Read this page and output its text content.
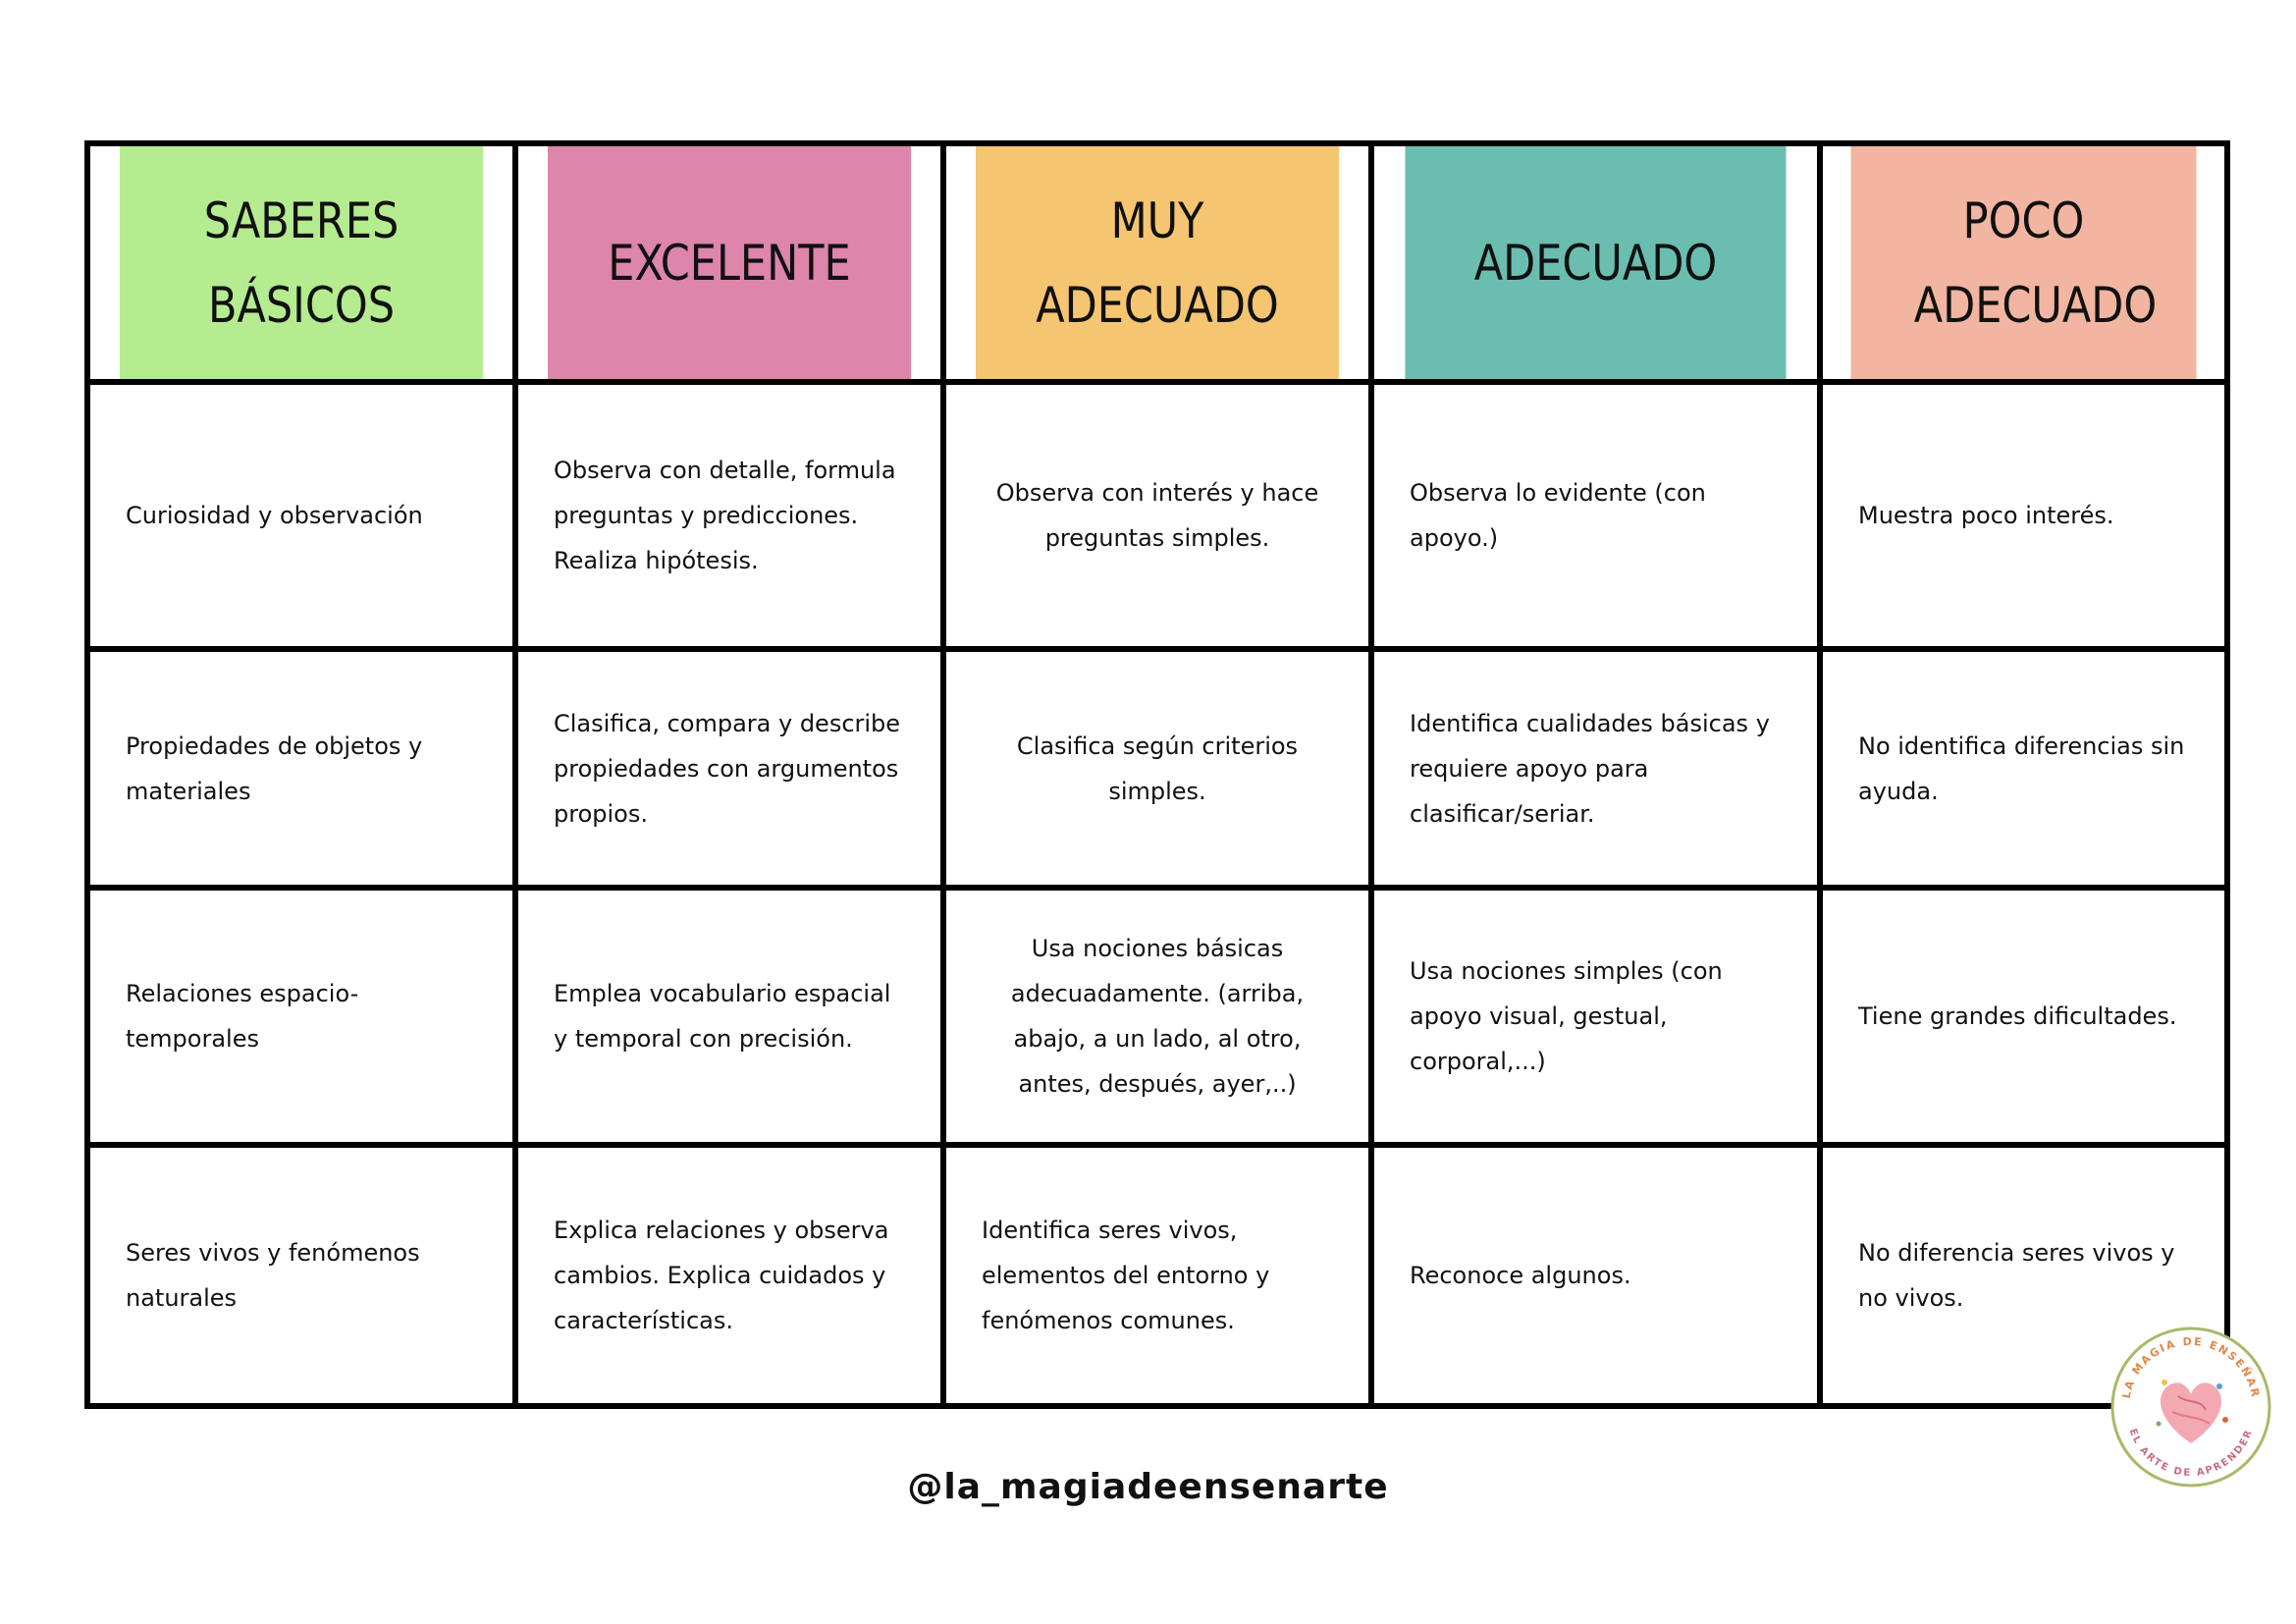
SABERES BÁSICOS	EXCELENTE	MUY ADECUADO	ADECUADO	POCO ADECUADO
Curiosidad y observación	Observa con detalle, formula preguntas y predicciones. Realiza hipótesis.	Observa con interés y hace preguntas simples.	Observa lo evidente (con apoyo.)	Muestra poco interés.
Propiedades de objetos y materiales	Clasifica, compara y describe propiedades con argumentos propios.	Clasifica según criterios simples.	Identifica cualidades básicas y requiere apoyo para clasificar/seriar.	No identifica diferencias sin ayuda.
Relaciones espacio-temporales	Emplea vocabulario espacial y temporal con precisión.	Usa nociones básicas adecuadamente. (arriba, abajo, a un lado, al otro, antes, después, ayer,..)	Usa nociones simples (con apoyo visual, gestual, corporal,...)	Tiene grandes dificultades.
Seres vivos y fenómenos naturales	Explica relaciones y observa cambios. Explica cuidados y características.	Identifica seres vivos, elementos del entorno y fenómenos comunes.	Reconoce algunos.	No diferencia seres vivos y no vivos.
LA MAGIA DE ENSEÑAR
EL ARTE DE APRENDER
@la_magiadeensenarte
